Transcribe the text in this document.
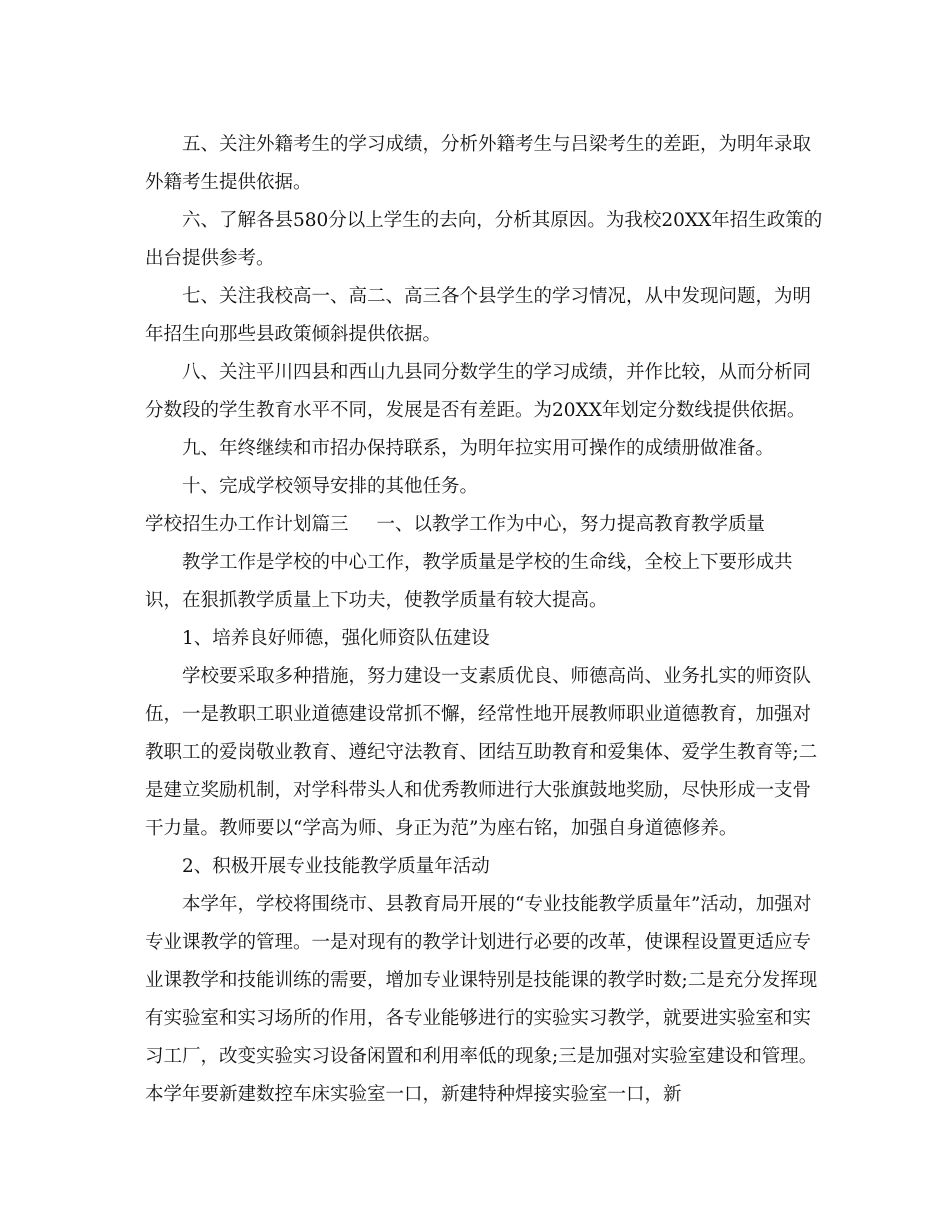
五、关注外籍考生的学习成绩，分析外籍考生与吕梁考生的差距，为明年录取外籍考生提供依据。

六、了解各县580分以上学生的去向，分析其原因。为我校20XX年招生政策的出台提供参考。

七、关注我校高一、高二、高三各个县学生的学习情况，从中发现问题，为明年招生向那些县政策倾斜提供依据。

八、关注平川四县和西山九县同分数学生的学习成绩，并作比较，从而分析同分数段的学生教育水平不同，发展是否有差距。为20XX年划定分数线提供依据。

九、年终继续和市招办保持联系，为明年拉实用可操作的成绩册做准备。

十、完成学校领导安排的其他任务。

学校招生办工作计划篇三 一、以教学工作为中心，努力提高教育教学质量

教学工作是学校的中心工作，教学质量是学校的生命线，全校上下要形成共识，在狠抓教学质量上下功夫，使教学质量有较大提高。

1、培养良好师德，强化师资队伍建设

学校要采取多种措施，努力建设一支素质优良、师德高尚、业务扎实的师资队伍，一是教职工职业道德建设常抓不懈，经常性地开展教师职业道德教育，加强对教职工的爱岗敬业教育、遵纪守法教育、团结互助教育和爱集体、爱学生教育等;二是建立奖励机制，对学科带头人和优秀教师进行大张旗鼓地奖励，尽快形成一支骨干力量。教师要以“学高为师、身正为范”为座右铭，加强自身道德修养。

2、积极开展专业技能教学质量年活动

本学年，学校将围绕市、县教育局开展的“专业技能教学质量年”活动，加强对专业课教学的管理。一是对现有的教学计划进行必要的改革，使课程设置更适应专业课教学和技能训练的需要，增加专业课特别是技能课的教学时数;二是充分发挥现有实验室和实习场所的作用，各专业能够进行的实验实习教学，就要进实验室和实习工厂，改变实验实习设备闲置和利用率低的现象;三是加强对实验室建设和管理。本学年要新建数控车床实验室一口，新建特种焊接实验室一口，新
